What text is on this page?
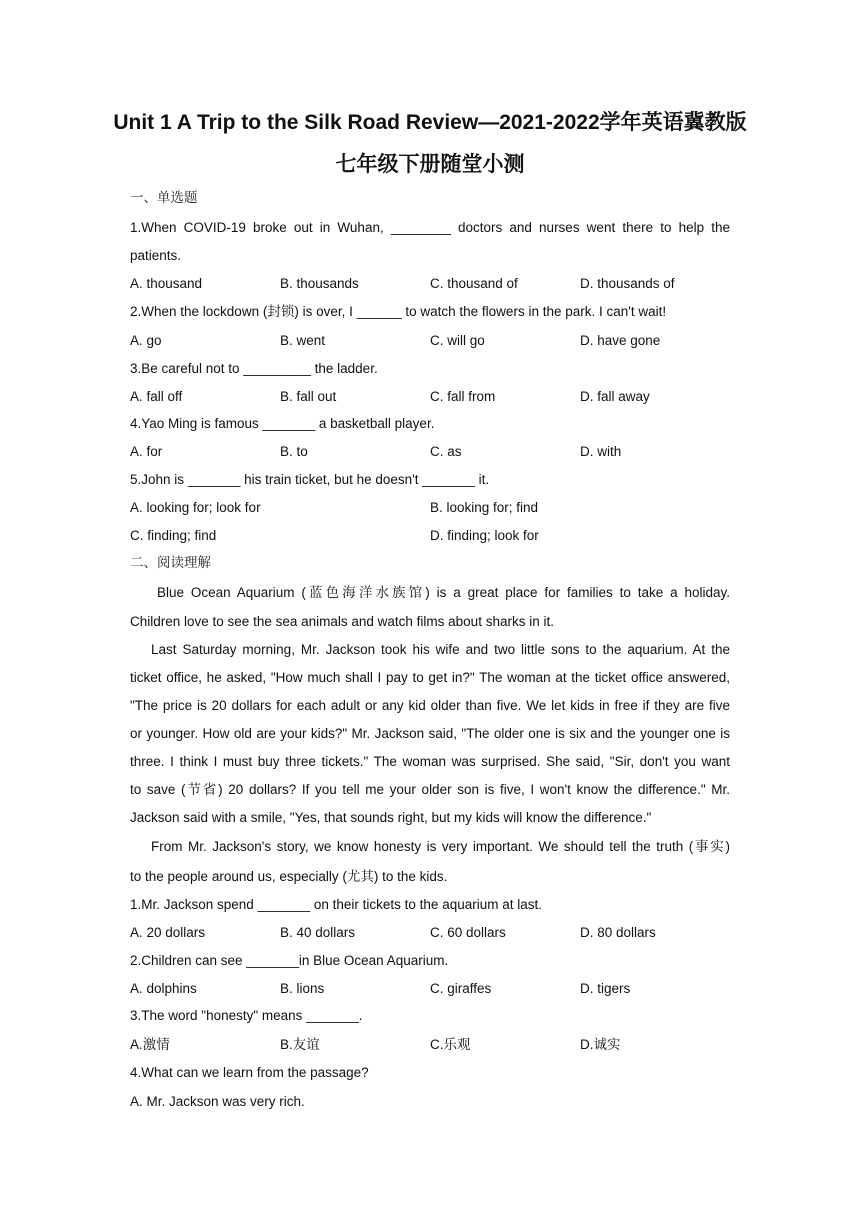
Unit 1 A Trip to the Silk Road Review—2021-2022学年英语冀教版
七年级下册随堂小测
一、单选题
1.When COVID-19 broke out in Wuhan, ________ doctors and nurses went there to help the
patients.
A. thousand	B. thousands	C. thousand of	D. thousands of
2.When the lockdown (封锁) is over, I ______ to watch the flowers in the park. I can't wait!
A. go	B. went	C. will go	D. have gone
3.Be careful not to _________ the ladder.
A. fall off	B. fall out	C. fall from	D. fall away
4.Yao Ming is famous _______ a basketball player.
A. for	B. to	C. as	D. with
5.John is _______ his train ticket, but he doesn't _______ it.
A. looking for; look for	B. looking for; find
C. finding; find	D. finding; look for
二、阅读理解
Blue Ocean Aquarium (蓝色海洋水族馆) is a great place for families to take a holiday.
Children love to see the sea animals and watch films about sharks in it.
Last Saturday morning, Mr. Jackson took his wife and two little sons to the aquarium. At the
ticket office, he asked, "How much shall I pay to get in?" The woman at the ticket office answered,
"The price is 20 dollars for each adult or any kid older than five. We let kids in free if they are five
or younger. How old are your kids?" Mr. Jackson said, "The older one is six and the younger one is
three. I think I must buy three tickets." The woman was surprised. She said, "Sir, don't you want
to save (节省) 20 dollars? If you tell me your older son is five, I won't know the difference." Mr.
Jackson said with a smile, "Yes, that sounds right, but my kids will know the difference."
From Mr. Jackson's story, we know honesty is very important. We should tell the truth (事实)
to the people around us, especially (尤其) to the kids.
1.Mr. Jackson spend _______ on their tickets to the aquarium at last.
A. 20 dollars	B. 40 dollars	C. 60 dollars	D. 80 dollars
2.Children can see _______in Blue Ocean Aquarium.
A. dolphins	B. lions	C. giraffes	D. tigers
3.The word "honesty" means _______.
A.激情	B.友谊	C.乐观	D.诚实
4.What can we learn from the passage?
A. Mr. Jackson was very rich.
